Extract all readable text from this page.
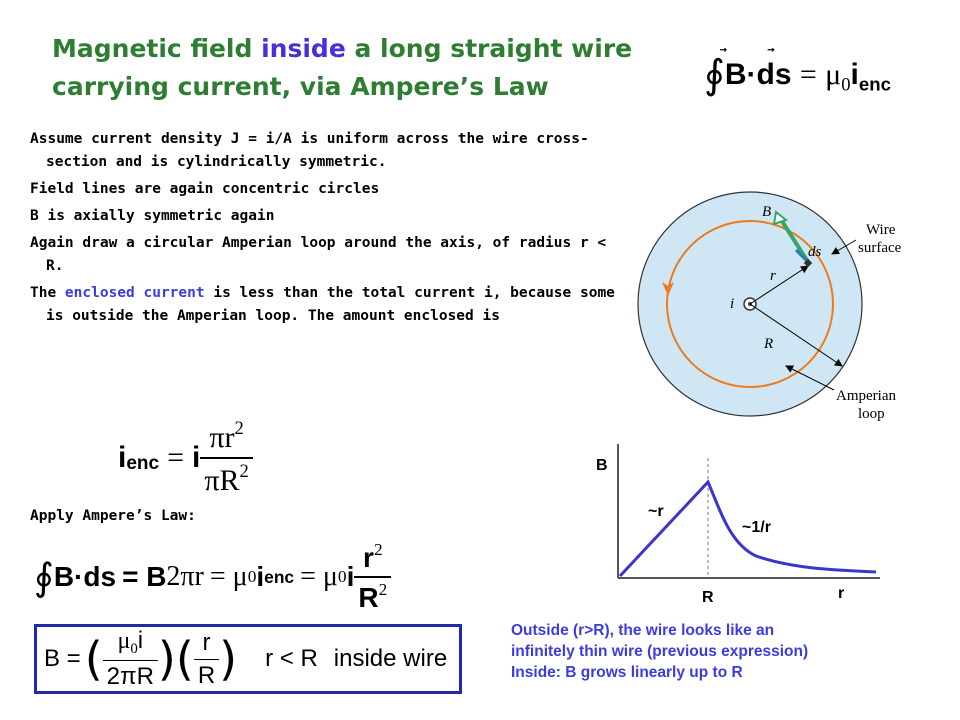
Magnetic field inside a long straight wire carrying current, via Ampere’s Law	∮
B·
ds = $\mu_0i_{enc}$
Assume current density J = i/A is uniform across the wire cross-section and is cylindrically symmetric.
Field lines are again concentric circles
B is axially symmetric again
Again draw a circular Amperian loop around the axis, of radius r < R.
The enclosed current is less than the total current i, because some is outside the Amperian loop. The amount enclosed is
i enc = i $\frac{\pi r^2}{\pi R^2}$
Apply Ampere’s Law:
∮ B · ds = B 2πr = μ 0 i enc = μ 0 i $\frac{r^2}{R^2}$
B = ( $\frac{\mu_0i}{2\pi R}$ )( $\frac{r}{R}$ ) r < R inside wire
B
ds
r
i
R
Wire
surface
Amperian
loop
B
r
R
~r
~1/r
Outside (r>R), the wire looks like an
infinitely thin wire (previous expression)
Inside: B grows linearly up to R
